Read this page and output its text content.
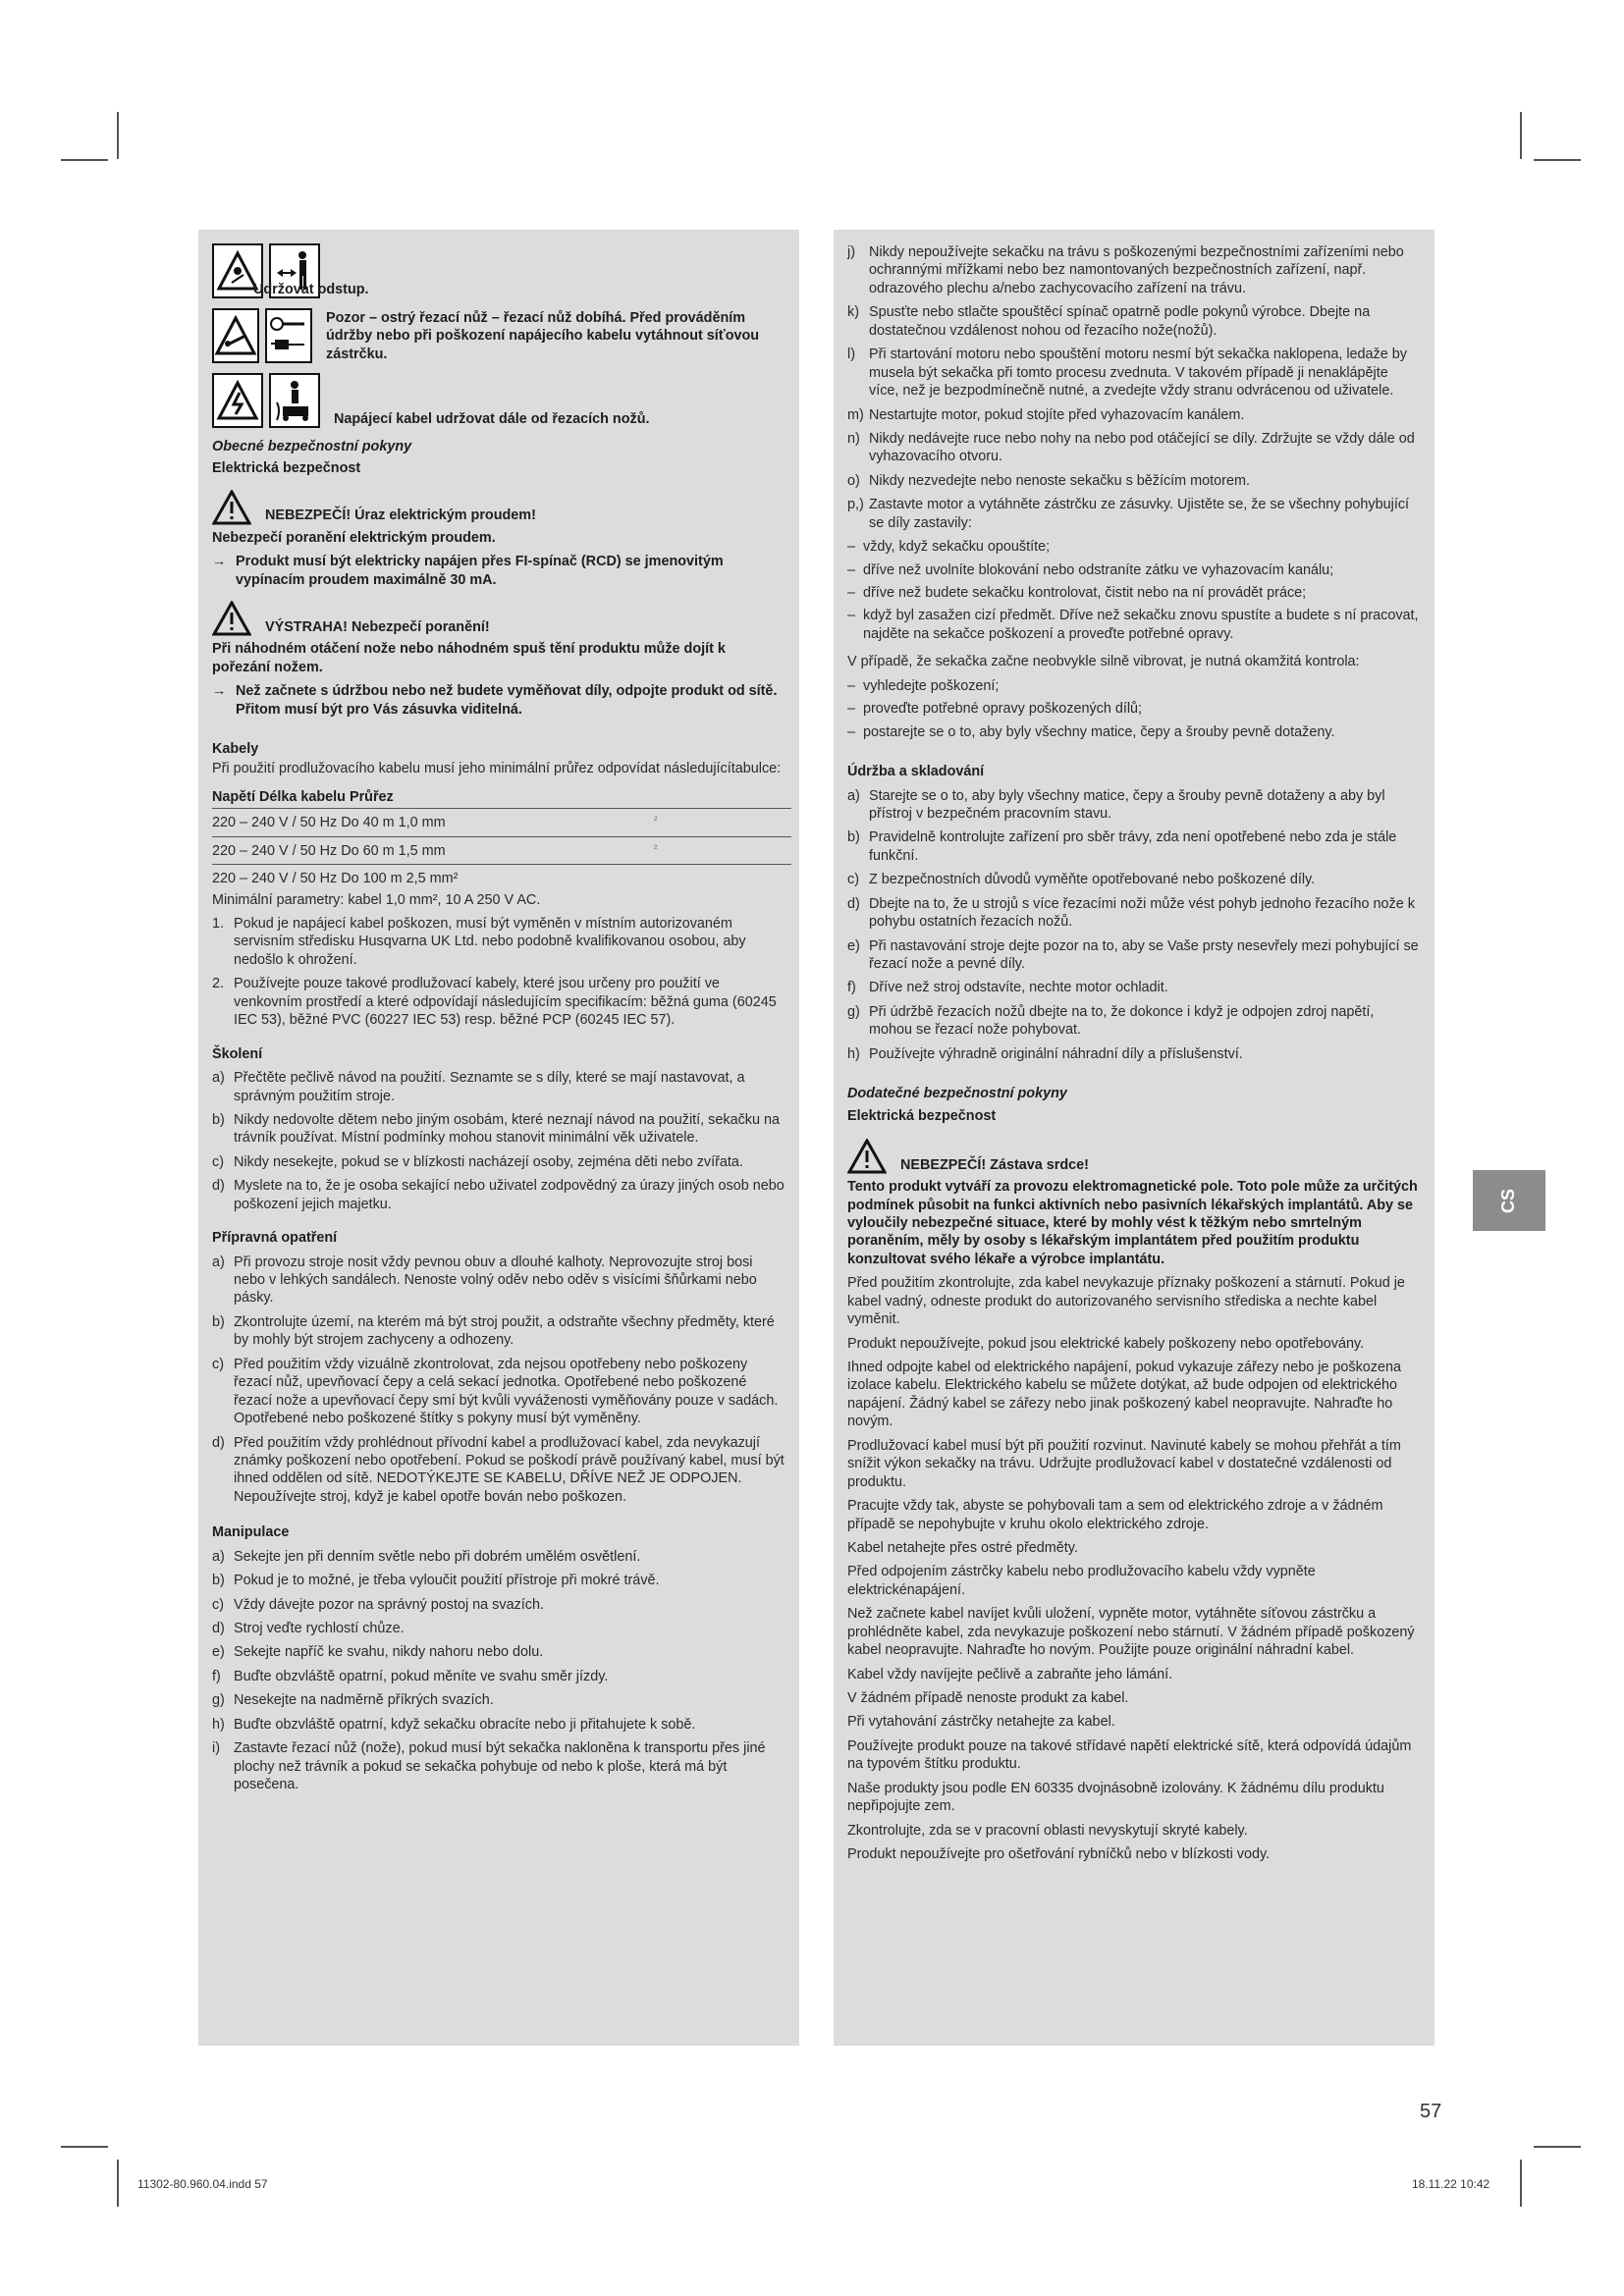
Udržovat odstup.
Pozor – ostrý řezací nůž – řezací nůž dobíhá. Před prováděním údržby nebo při poškození napájecího kabelu vytáhnout síťovou zástrčku.
Napájecí kabel udržovat dále od řezacích nožů.

Obecné bezpečnostní pokyny

Elektrická bezpečnost

NEBEZPEČÍ! Úraz elektrickým proudem!

Nebezpečí poranění elektrickým proudem.

→ Produkt musí být elektricky napájen přes FI-spínač (RCD) se jmenovitým vypínacím proudem maximálně 30 mA.
VÝSTRAHA! Nebezpečí poranění!

Při náhodném otáčení nože nebo náhodném spuš tění produktu může dojít k pořezání nožem.

→ Než začnete s údržbou nebo než budete vyměňovat díly, odpojte produkt od sítě. Přitom musí být pro Vás zásuvka viditelná.

Kabely

Při použití prodlužovacího kabelu musí jeho minimální průřez odpovídat následujícítabulce:

Napětí Délka kabelu Průřez

220 – 240 V / 50 Hz Do 40 m 1,0 mm	²
220 – 240 V / 50 Hz Do 60 m 1,5 mm	²
220 – 240 V / 50 Hz Do 100 m 2,5 mm²

Minimální parametry: kabel 1,0 mm², 10 A 250 V AC.

1. Pokud je napájecí kabel poškozen, musí být vyměněn v místním autorizovaném servisním středisku Husqvarna UK Ltd. nebo podobně kvalifikovanou osobou, aby nedošlo k ohrožení.
2. Používejte pouze takové prodlužovací kabely, které jsou určeny pro použití ve venkovním prostředí a které odpovídají následujícím specifikacím: běžná guma (60245 IEC 53), běžné PVC (60227 IEC 53) resp. běžné PCP (60245 IEC 57).

Školení

a) Přečtěte pečlivě návod na použití. Seznamte se s díly, které se mají nastavovat, a správným použitím stroje.
b) Nikdy nedovolte dětem nebo jiným osobám, které neznají návod na použití, sekačku na trávník používat. Místní podmínky mohou stanovit minimální věk uživatele.
c) Nikdy nesekejte, pokud se v blízkosti nacházejí osoby, zejména děti nebo zvířata.
d) Myslete na to, že je osoba sekající nebo uživatel zodpovědný za úrazy jiných osob nebo poškození jejich majetku.

Přípravná opatření

a) Při provozu stroje nosit vždy pevnou obuv a dlouhé kalhoty. Neprovozujte stroj bosi nebo v lehkých sandálech. Nenoste volný oděv nebo oděv s visícími šňůrkami nebo pásky.
b) Zkontrolujte území, na kterém má být stroj použit, a odstraňte všechny předměty, které by mohly být strojem zachyceny a odhozeny.
c) Před použitím vždy vizuálně zkontrolovat, zda nejsou opotřebeny nebo poškozeny řezací nůž, upevňovací čepy a celá sekací jednotka. Opotřebené nebo poškozené řezací nože a upevňovací čepy smí být kvůli vyváženosti vyměňovány pouze v sadách. Opotřebené nebo poškozené štítky s pokyny musí být vyměněny.
d) Před použitím vždy prohlédnout přívodní kabel a prodlužovací kabel, zda nevykazují známky poškození nebo opotřebení. Pokud se poškodí právě používaný kabel, musí být ihned oddělen od sítě. NEDOTÝKEJTE SE KABELU, DŘÍVE NEŽ JE ODPOJEN. Nepoužívejte stroj, když je kabel opotře bován nebo poškozen.

Manipulace

a) Sekejte jen při denním světle nebo při dobrém umělém osvětlení.
b) Pokud je to možné, je třeba vyloučit použití přístroje při mokré trávě.
c) Vždy dávejte pozor na správný postoj na svazích.
d) Stroj veďte rychlostí chůze.
e) Sekejte napříč ke svahu, nikdy nahoru nebo dolu.
f) Buďte obzvláště opatrní, pokud měníte ve svahu směr jízdy.
g) Nesekejte na nadměrně příkrých svazích.
h) Buďte obzvláště opatrní, když sekačku obracíte nebo ji přitahujete k sobě.
i) Zastavte řezací nůž (nože), pokud musí být sekačka nakloněna k transportu přes jiné plochy než trávník a pokud se sekačka pohybuje od nebo k ploše, která má být posečena.
j) Nikdy nepoužívejte sekačku na trávu s poškozenými bezpečnostními zařízeními nebo ochrannými mřížkami nebo bez namontovaných bezpečnostních zařízení, např. odrazového plechu a/nebo zachycovacího zařízení na trávu.
k) Spusťte nebo stlačte spouštěcí spínač opatrně podle pokynů výrobce. Dbejte na dostatečnou vzdálenost nohou od řezacího nože(nožů).
l) Při startování motoru nebo spouštění motoru nesmí být sekačka naklopena, ledaže by musela být sekačka při tomto procesu zvednuta. V takovém případě ji nenaklápějte více, než je bezpodmínečně nutné, a zvedejte vždy stranu odvrácenou od uživatele.
m) Nestartujte motor, pokud stojíte před vyhazovacím kanálem.
n) Nikdy nedávejte ruce nebo nohy na nebo pod otáčející se díly. Zdržujte se vždy dále od vyhazovacího otvoru.
o) Nikdy nezvedejte nebo nenoste sekačku s běžícím motorem.
p,) Zastavte motor a vytáhněte zástrčku ze zásuvky. Ujistěte se, že se všechny pohybující se díly zastavily:
– vždy, když sekačku opouštíte;
– dříve než uvolníte blokování nebo odstraníte zátku ve vyhazovacím kanálu;
– dříve než budete sekačku kontrolovat, čistit nebo na ní provádět práce;
– když byl zasažen cizí předmět. Dříve než sekačku znovu spustíte a budete s ní pracovat, najděte na sekačce poškození a proveďte potřebné opravy.

V případě, že sekačka začne neobvykle silně vibrovat, je nutná okamžitá kontrola:

– vyhledejte poškození;
– proveďte potřebné opravy poškozených dílů;
– postarejte se o to, aby byly všechny matice, čepy a šrouby pevně dotaženy.

Údržba a skladování

a) Starejte se o to, aby byly všechny matice, čepy a šrouby pevně dotaženy a aby byl přístroj v bezpečném pracovním stavu.
b) Pravidelně kontrolujte zařízení pro sběr trávy, zda není opotřebené nebo zda je stále funkční.
c) Z bezpečnostních důvodů vyměňte opotřebované nebo poškozené díly.
d) Dbejte na to, že u strojů s více řezacími noži může vést pohyb jednoho řezacího nože k pohybu ostatních řezacích nožů.
e) Při nastavování stroje dejte pozor na to, aby se Vaše prsty nesevřely mezi pohybující se řezací nože a pevné díly.
f) Dříve než stroj odstavíte, nechte motor ochladit.
g) Při údržbě řezacích nožů dbejte na to, že dokonce i když je odpojen zdroj napětí, mohou se řezací nože pohybovat.
h) Používejte výhradně originální náhradní díly a příslušenství.

Dodatečné bezpečnostní pokyny

Elektrická bezpečnost

NEBEZPEČÍ! Zástava srdce!

Tento produkt vytváří za provozu elektromagnetické pole. Toto pole může za určitých podmínek působit na funkci aktivních nebo pasivních lékařských implantátů. Aby se vyloučily nebezpečné situace, které by mohly vést k těžkým nebo smrtelným poraněním, měly by osoby s lékařským implantátem před použitím produktu konzultovat svého lékaře a výrobce implantátu.

Před použitím zkontrolujte, zda kabel nevykazuje příznaky poškození a stárnutí. Pokud je kabel vadný, odneste produkt do autorizovaného servisního střediska a nechte kabel vyměnit.

Produkt nepoužívejte, pokud jsou elektrické kabely poškozeny nebo opotřebovány.

Ihned odpojte kabel od elektrického napájení, pokud vykazuje zářezy nebo je poškozena izolace kabelu. Elektrického kabelu se můžete dotýkat, až bude odpojen od elektrického napájení. Žádný kabel se zářezy nebo jinak poškozený kabel neopravujte. Nahraďte ho novým.

Prodlužovací kabel musí být při použití rozvinut. Navinuté kabely se mohou přehřát a tím snížit výkon sekačky na trávu. Udržujte prodlužovací kabel v dostatečné vzdálenosti od produktu.

Pracujte vždy tak, abyste se pohybovali tam a sem od elektrického zdroje a v žádném případě se nepohybujte v kruhu okolo elektrického zdroje.

Kabel netahejte přes ostré předměty.

Před odpojením zástrčky kabelu nebo prodlužovacího kabelu vždy vypněte elektrickénapájení.

Než začnete kabel navíjet kvůli uložení, vypněte motor, vytáhněte síťovou zástrčku a prohlédněte kabel, zda nevykazuje poškození nebo stárnutí. V žádném případě poškozený kabel neopravujte. Nahraďte ho novým. Použijte pouze originální náhradní kabel.

Kabel vždy navíjejte pečlivě a zabraňte jeho lámání.

V žádném případě nenoste produkt za kabel.

Při vytahování zástrčky netahejte za kabel.

Používejte produkt pouze na takové střídavé napětí elektrické sítě, která odpovídá údajům na typovém štítku produktu.

Naše produkty jsou podle EN 60335 dvojnásobně izolovány. K žádnému dílu produktu nepřipojujte zem.

Zkontrolujte, zda se v pracovní oblasti nevyskytují skryté kabely.

Produkt nepoužívejte pro ošetřování rybníčků nebo v blízkosti vody.

CS
57
11302-80.960.04.indd 57	18.11.22 10:42
